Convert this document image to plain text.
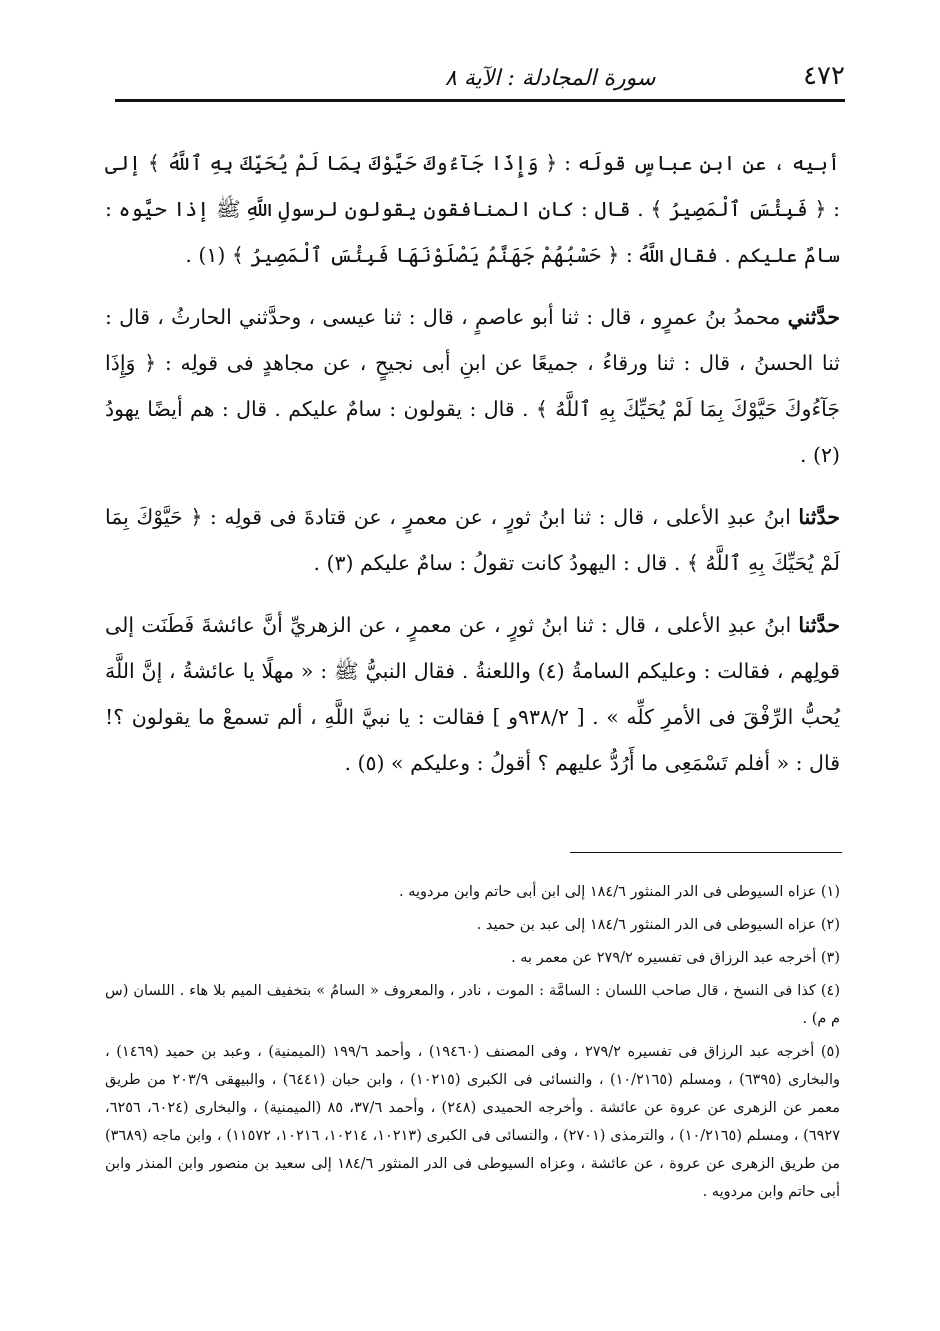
٤٧٢
سورة المجادلة : الآية ٨

أبيه ، عن ابنِ عباسٍ قولَه : ﴿ وَإِذَا جَآءُوكَ حَيَّوْكَ بِمَا لَمْ يُحَيِّكَ بِهِ ٱللَّهُ ﴾ إلى : ﴿ فَبِئْسَ ٱلْمَصِيرُ ﴾ . قال : كان المنافقون يقولون لرسولِ اللَّهِ ﷺ إذا حيَّوه : سامٌ عليكم . فقال اللَّهُ : ﴿ حَسْبُهُمْ جَهَنَّمُ يَصْلَوْنَهَا فَبِئْسَ ٱلْمَصِيرُ ﴾ (١) .

حدَّثني محمدُ بنُ عمرٍو ، قال : ثنا أبو عاصمٍ ، قال : ثنا عيسى ، وحدَّثني الحارثُ ، قال : ثنا الحسنُ ، قال : ثنا ورقاءُ ، جميعًا عن ابنِ أبى نجيحٍ ، عن مجاهدٍ فى قولِه : ﴿ وَإِذَا جَآءُوكَ حَيَّوْكَ بِمَا لَمْ يُحَيِّكَ بِهِ ٱللَّهُ ﴾ . قال : يقولون : سامٌ عليكم . قال : هم أيضًا يهودُ (٢) .

حدَّثنا ابنُ عبدِ الأعلى ، قال : ثنا ابنُ ثورٍ ، عن معمرٍ ، عن قتادةَ فى قولِه : ﴿ حَيَّوْكَ بِمَا لَمْ يُحَيِّكَ بِهِ ٱللَّهُ ﴾ . قال : اليهودُ كانت تقولُ : سامٌ عليكم (٣) .

حدَّثنا ابنُ عبدِ الأعلى ، قال : ثنا ابنُ ثورٍ ، عن معمرٍ ، عن الزهريِّ أنَّ عائشةَ فَطَنَت إلى قولِهم ، فقالت : وعليكم السامةُ (٤) واللعنةُ . فقال النبيُّ ﷺ : « مهلًا يا عائشةُ ، إنَّ اللَّهَ يُحبُّ الرِّفْقَ فى الأمرِ كلِّه » . [ ٩٣٨/٢و ] فقالت : يا نبيَّ اللَّهِ ، ألم تسمعْ ما يقولون ؟! قال : « أفلم تَسْمَعِى ما أَرُدُّ عليهم ؟ أقولُ : وعليكم » (٥) .

(١) عزاه السيوطى فى الدر المنثور ١٨٤/٦ إلى ابن أبى حاتم وابن مردويه .

(٢) عزاه السيوطى فى الدر المنثور ١٨٤/٦ إلى عبد بن حميد .

(٣) أخرجه عبد الرزاق فى تفسيره ٢٧٩/٢ عن معمر به .

(٤) كذا فى النسخ ، قال صاحب اللسان : السامَّة : الموت ، نادر ، والمعروف « السامُ » بتخفيف الميم بلا هاء . اللسان (س م م) .

(٥) أخرجه عبد الرزاق فى تفسيره ٢٧٩/٢ ، وفى المصنف (١٩٤٦٠) ، وأحمد ١٩٩/٦ (الميمنية) ، وعبد بن حميد (١٤٦٩) ، والبخارى (٦٣٩٥) ، ومسلم (١٠/٢١٦٥) ، والنسائى فى الكبرى (١٠٢١٥) ، وابن حبان (٦٤٤١) ، والبيهقى ٢٠٣/٩ من طريق معمر عن الزهرى عن عروة عن عائشة . وأخرجه الحميدى (٢٤٨) ، وأحمد ٣٧/٦، ٨٥ (الميمنية) ، والبخارى (٦٠٢٤، ٦٢٥٦، ٦٩٢٧) ، ومسلم (١٠/٢١٦٥) ، والترمذى (٢٧٠١) ، والنسائى فى الكبرى (١٠٢١٣، ١٠٢١٤، ١٠٢١٦، ١١٥٧٢) ، وابن ماجه (٣٦٨٩) من طريق الزهرى عن عروة ، عن عائشة ، وعزاه السيوطى فى الدر المنثور ١٨٤/٦ إلى سعيد بن منصور وابن المنذر وابن أبى حاتم وابن مردويه .
